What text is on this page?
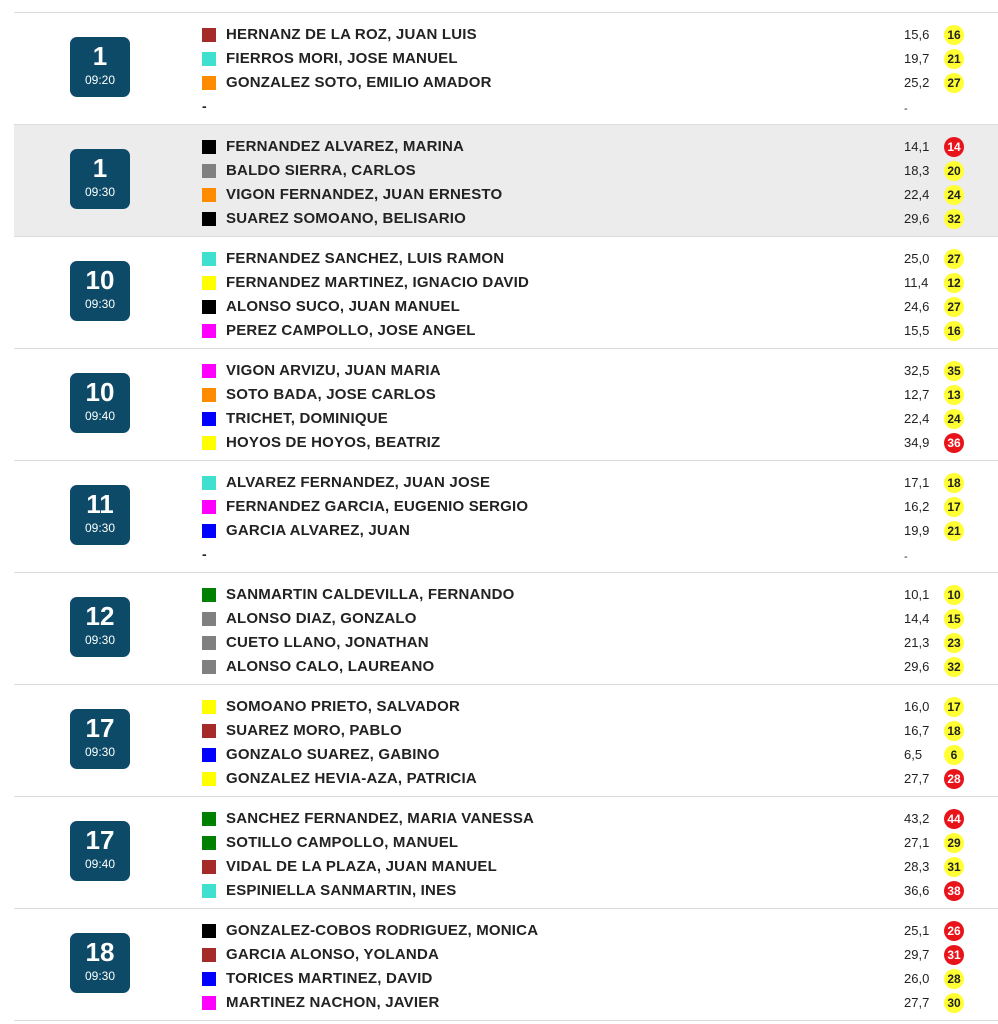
1
09:20
HERNANZ DE LA ROZ, JUAN LUIS	15,6 16
FIERROS MORI, JOSE MANUEL	19,7 21
GONZALEZ SOTO, EMILIO AMADOR	25,2 27
-	-
1
09:30
FERNANDEZ ALVAREZ, MARINA	14,1 14
BALDO SIERRA, CARLOS	18,3 20
VIGON FERNANDEZ, JUAN ERNESTO	22,4 24
SUAREZ SOMOANO, BELISARIO	29,6 32
10
09:30
FERNANDEZ SANCHEZ, LUIS RAMON	25,0 27
FERNANDEZ MARTINEZ, IGNACIO DAVID	11,4 12
ALONSO SUCO, JUAN MANUEL	24,6 27
PEREZ CAMPOLLO, JOSE ANGEL	15,5 16
10
09:40
VIGON ARVIZU, JUAN MARIA	32,5 35
SOTO BADA, JOSE CARLOS	12,7 13
TRICHET, DOMINIQUE	22,4 24
HOYOS DE HOYOS, BEATRIZ	34,9 36
11
09:30
ALVAREZ FERNANDEZ, JUAN JOSE	17,1 18
FERNANDEZ GARCIA, EUGENIO SERGIO	16,2 17
GARCIA ALVAREZ, JUAN	19,9 21
-	-
12
09:30
SANMARTIN CALDEVILLA, FERNANDO	10,1 10
ALONSO DIAZ, GONZALO	14,4 15
CUETO LLANO, JONATHAN	21,3 23
ALONSO CALO, LAUREANO	29,6 32
17
09:30
SOMOANO PRIETO, SALVADOR	16,0 17
SUAREZ MORO, PABLO	16,7 18
GONZALO SUAREZ, GABINO	6,5	6
GONZALEZ HEVIA-AZA, PATRICIA	27,7 28
17
09:40
SANCHEZ FERNANDEZ, MARIA VANESSA	43,2 44
SOTILLO CAMPOLLO, MANUEL	27,1 29
VIDAL DE LA PLAZA, JUAN MANUEL	28,3 31
ESPINIELLA SANMARTIN, INES	36,6 38
18
09:30
GONZALEZ-COBOS RODRIGUEZ, MONICA	25,1 26
GARCIA ALONSO, YOLANDA	29,7 31
TORICES MARTINEZ, DAVID	26,0 28
MARTINEZ NACHON, JAVIER	27,7 30
